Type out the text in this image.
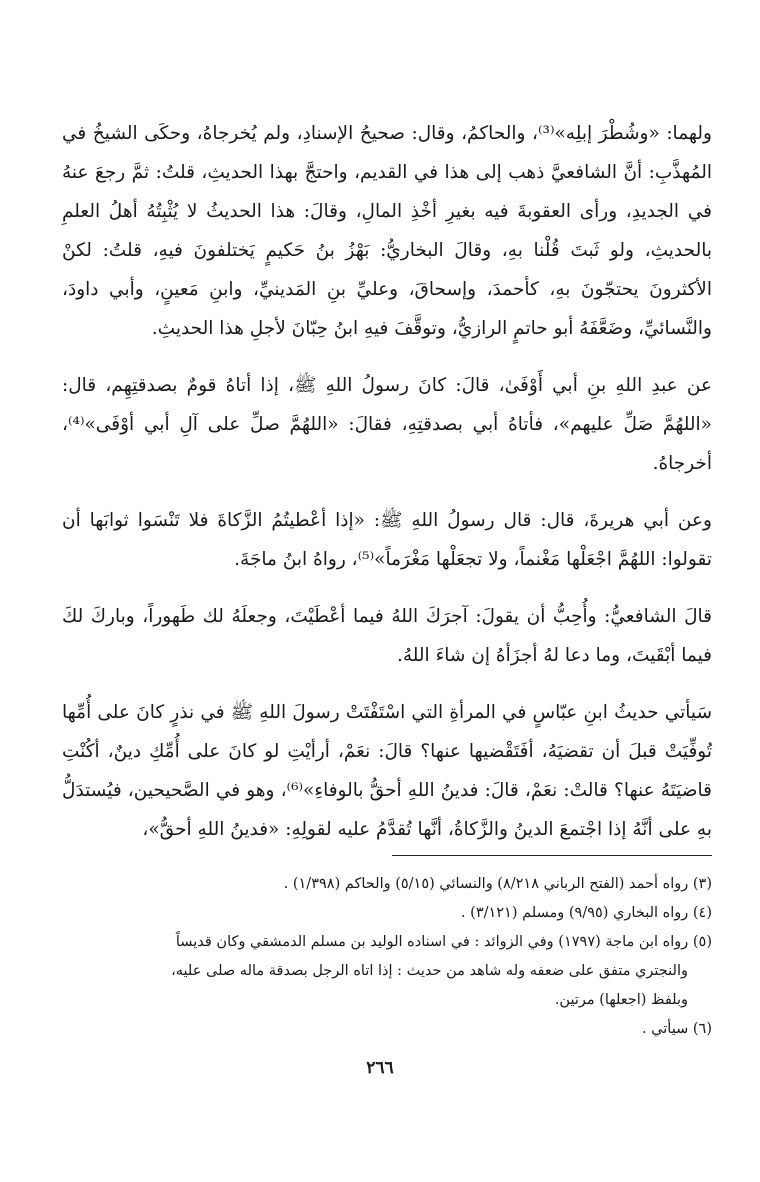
ولهما: «وشُطْرَ إبلِه»⁽³⁾، والحاكمُ، وقال: صحيحُ الإسنادِ، ولم يُخرجاهُ، وحكَى الشيخُ في المُهذَّبِ: أنَّ الشافعيَّ ذهب إلى هذا في القديم، واحتجَّ بهذا الحديثِ، قلتُ: ثمَّ رجعَ عنهُ في الجديدِ، ورأى العقوبةَ فيه بغيرِ أخْذِ المالِ، وقالَ: هذا الحديثُ لا يُثْبِتُهُ أهلُ العلمِ بالحديثِ، ولو ثَبتَ قُلْنا بهِ، وقالَ البخاريُّ: بَهْزُ بنُ حَكيمٍ يَختلفونَ فيهِ، قلتُ: لكنْ الأكثرونَ يحتجّونَ بهِ، كأحمدَ، وإسحاقَ، وعليِّ بنِ المَدينيِّ، وابنِ مَعينٍ، وأبي داودَ، والنَّسائيِّ، وضَعَّفَهُ أبو حاتمٍ الرازيُّ، وتوقَّفَ فيهِ ابنُ حِبّانَ لأجلِ هذا الحديثِ.

عن عبدِ اللهِ بنِ أبي أَوْفَىٰ، قالَ: كانَ رسولُ اللهِ ﷺ، إذا أتاهُ قومٌ بصدقتِهِم، قال: «اللهُمَّ صَلِّ عليهم»، فأتاهُ أبي بصدقتِهِ، فقالَ: «اللهُمَّ صلِّ على آلِ أبي أوْفَى»⁽⁴⁾، أخرجاهُ.

وعن أبي هريرةَ، قال: قال رسولُ اللهِ ﷺ: «إذا أعْطيتُمُ الزَّكاةَ فلا تَنْسَوا ثوابَها أن تقولوا: اللهُمَّ اجْعَلْها مَغْنماً، ولا تجعَلْها مَغْرَماً»⁽⁵⁾، رواهُ ابنُ ماجَةَ.

قالَ الشافعيُّ: وأُحِبُّ أن يقولَ: آجرَكَ اللهُ فيما أعْطَيْتَ، وجعلَهُ لك طَهوراً، وباركَ لكَ فيما أبْقَيتَ، وما دعا لهُ أجزَأهُ إن شاءَ اللهُ.

سَيأتي حديثُ ابنِ عبّاسٍ في المرأةِ التي اسْتَفْتَتْ رسولَ اللهِ ﷺ في نذرٍ كانَ على أُمِّها تُوفِّيَتْ قبلَ أن تقضيَهُ، أفَتَقْضيها عنها؟ قالَ: نعَمْ، أرأيْتِ لو كانَ على أُمِّكِ دينٌ، أكُنْتِ قاضيَتَهُ عنها؟ قالتْ: نعَمْ، قالَ: فدينُ اللهِ أحقُّ بالوفاءِ»⁽⁶⁾، وهو في الصَّحيحين، فيُستدَلُّ بهِ على أنَّهُ إذا اجْتمعَ الدينُ والزَّكاةُ، أنَّها تُقدَّمُ عليه لقولِهِ: «فدينُ اللهِ أحقُّ»،

(٣) رواه أحمد (الفتح الرباني ٨/٢١٨) والنسائي (٥/١٥) والحاكم (١/٣٩٨) .

(٤) رواه البخاري (٩/٩٥) ومسلم (٣/١٢١) .

(٥) رواه ابن ماجة (١٧٩٧) وفي الزوائد : في اسناده الوليد بن مسلم الدمشقي وكان قديساً

والنجتري متفق على ضعفه وله شاهد من حديث : إذا اتاه الرجل بصدقة ماله صلى عليه،

وبلفظ (اجعلها) مرتين.

(٦) سيأتي .

٢٦٦
